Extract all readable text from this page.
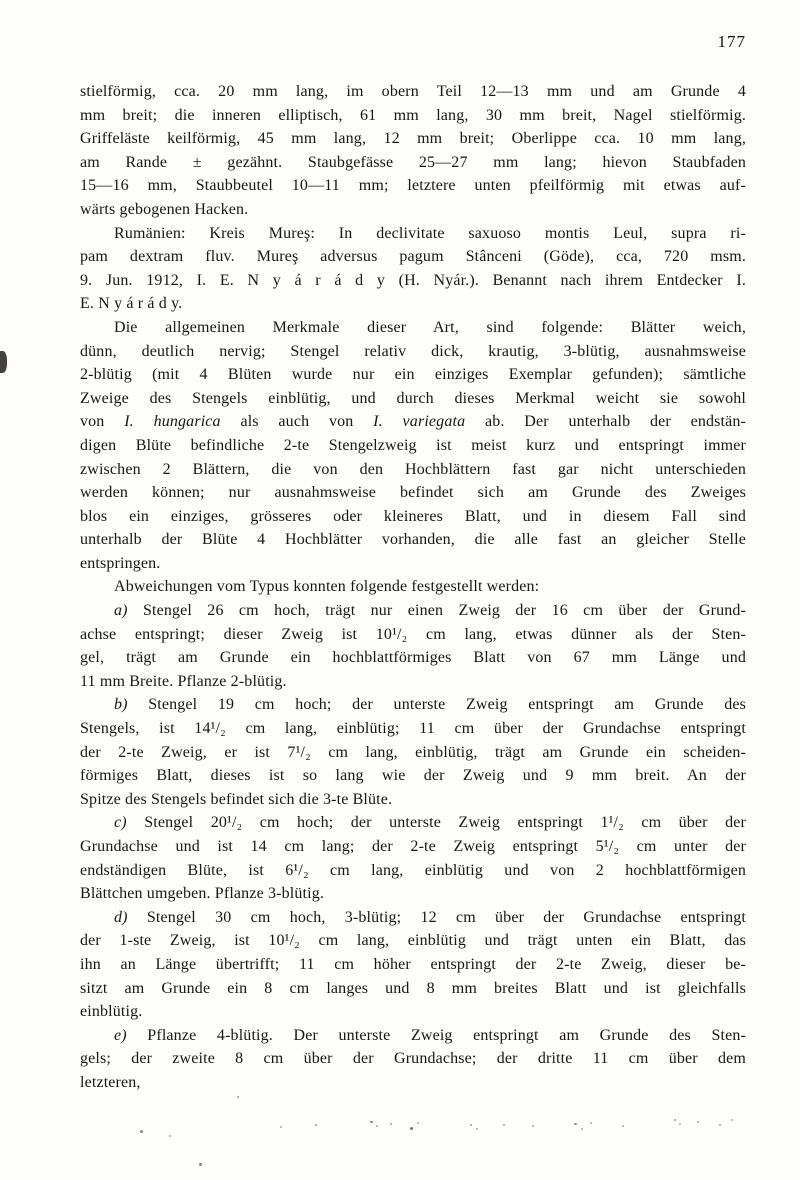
177
stielförmig, cca. 20 mm lang, im obern Teil 12—13 mm und am Grunde 4
mm breit; die inneren elliptisch, 61 mm lang, 30 mm breit, Nagel stielförmig.
Griffeläste keilförmig, 45 mm lang, 12 mm breit; Oberlippe cca. 10 mm lang,
am Rande ± gezähnt. Staubgefässe 25—27 mm lang; hievon Staubfaden
15—16 mm, Staubbeutel 10—11 mm; letztere unten pfeilförmig mit etwas auf-
wärts gebogenen Hacken.
Rumänien: Kreis Mureş: In declivitate saxuoso montis Leul, supra ri-
pam dextram fluv. Mureş adversus pagum Stânceni (Göde), cca, 720 msm.
9. Jun. 1912, I. E. N y á r á d y (H. Nyár.). Benannt nach ihrem Entdecker I.
E. N y á r á d y.
Die allgemeinen Merkmale dieser Art, sind folgende: Blätter weich,
dünn, deutlich nervig; Stengel relativ dick, krautig, 3-blütig, ausnahmsweise
2-blütig (mit 4 Blüten wurde nur ein einziges Exemplar gefunden); sämtliche
Zweige des Stengels einblütig, und durch dieses Merkmal weicht sie sowohl
von I. hungarica als auch von I. variegata ab. Der unterhalb der endstän-
digen Blüte befindliche 2-te Stengelzweig ist meist kurz und entspringt immer
zwischen 2 Blättern, die von den Hochblättern fast gar nicht unterschieden
werden können; nur ausnahmsweise befindet sich am Grunde des Zweiges
blos ein einziges, grösseres oder kleineres Blatt, und in diesem Fall sind
unterhalb der Blüte 4 Hochblätter vorhanden, die alle fast an gleicher Stelle
entspringen.
Abweichungen vom Typus konnten folgende festgestellt werden:
a) Stengel 26 cm hoch, trägt nur einen Zweig der 16 cm über der Grund-
achse entspringt; dieser Zweig ist 10¹/₂ cm lang, etwas dünner als der Sten-
gel, trägt am Grunde ein hochblattförmiges Blatt von 67 mm Länge und
11 mm Breite. Pflanze 2-blütig.
b) Stengel 19 cm hoch; der unterste Zweig entspringt am Grunde des
Stengels, ist 14¹/₂ cm lang, einblütig; 11 cm über der Grundachse entspringt
der 2-te Zweig, er ist 7¹/₂ cm lang, einblütig, trägt am Grunde ein scheiden-
förmiges Blatt, dieses ist so lang wie der Zweig und 9 mm breit. An der
Spitze des Stengels befindet sich die 3-te Blüte.
c) Stengel 20¹/₂ cm hoch; der unterste Zweig entspringt 1¹/₂ cm über der
Grundachse und ist 14 cm lang; der 2-te Zweig entspringt 5¹/₂ cm unter der
endständigen Blüte, ist 6¹/₂ cm lang, einblütig und von 2 hochblattförmigen
Blättchen umgeben. Pflanze 3-blütig.
d) Stengel 30 cm hoch, 3-blütig; 12 cm über der Grundachse entspringt
der 1-ste Zweig, ist 10¹/₂ cm lang, einblütig und trägt unten ein Blatt, das
ihn an Länge übertrifft; 11 cm höher entspringt der 2-te Zweig, dieser be-
sitzt am Grunde ein 8 cm langes und 8 mm breites Blatt und ist gleichfalls
einblütig.
e) Pflanze 4-blütig. Der unterste Zweig entspringt am Grunde des Sten-
gels; der zweite 8 cm über der Grundachse; der dritte 11 cm über dem
letzteren,
